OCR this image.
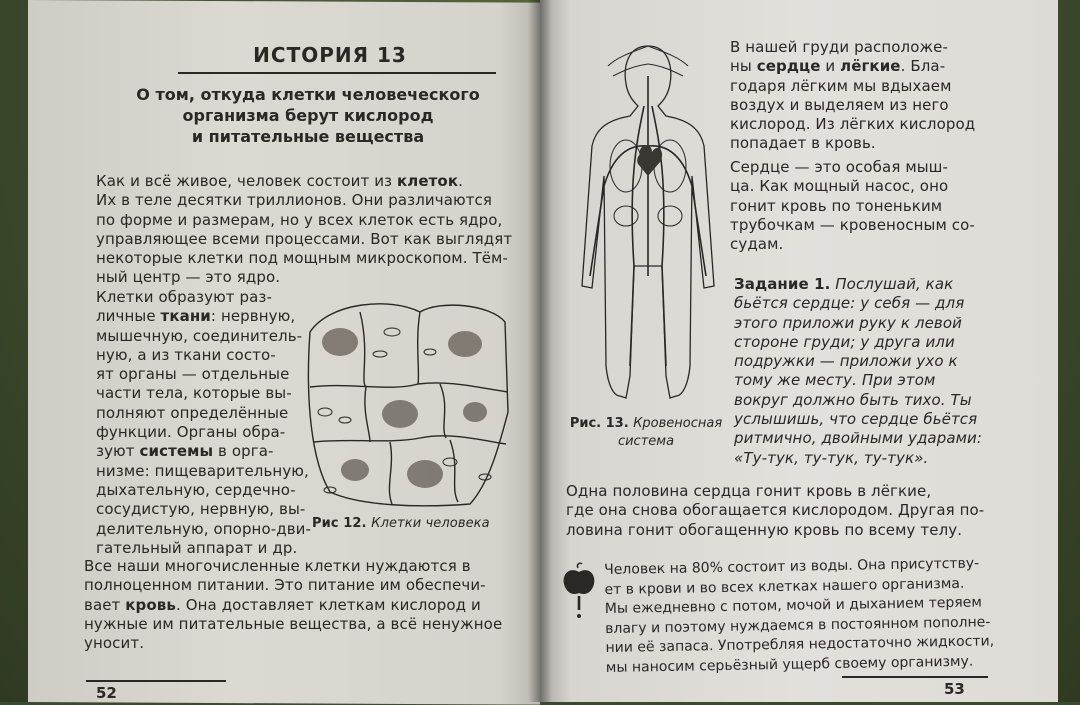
ИСТОРИЯ 13
О том, откуда клетки человеческого
организма берут кислород
и питательные вещества

Как и всё живое, человек состоит из клеток.

Их в теле десятки триллионов. Они различаются

по форме и размерам, но у всех клеток есть ядро,

управляющее всеми процессами. Вот как выглядят

некоторые клетки под мощным микроскопом. Тём-

ный центр — это ядро.

Клетки образуют раз-

личные ткани: нервную,

мышечную, соединитель-

ную, а из ткани состо-

ят органы — отдельные

части тела, которые вы-

полняют определённые

функции. Органы обра-

зуют системы в орга-

низме: пищеварительную,

дыхательную, сердечно-

сосудистую, нервную, вы-

делительную, опорно-дви-

гательный аппарат и др.

Рис 12. Клетки человека

Все наши многочисленные клетки нуждаются в

полноценном питании. Это питание им обеспечи-

вает кровь. Она доставляет клеткам кислород и

нужные им питательные вещества, а всё ненужное

уносит.

52
Рис. 13. Кровеносная
система

В нашей груди расположе-

ны сердце и лёгкие. Бла-

годаря лёгким мы вдыхаем

воздух и выделяем из него

кислород. Из лёгких кислород

попадает в кровь.

Сердце — это особая мыш-

ца. Как мощный насос, оно

гонит кровь по тоненьким

трубочкам — кровеносным со-

судам.

Задание 1. Послушай, как

бьётся сердце: у себя — для

этого приложи руку к левой

стороне груди; у друга или

подружки — приложи ухо к

тому же месту. При этом

вокруг должно быть тихо. Ты

услышишь, что сердце бьётся

ритмично, двойными ударами:

«Ту-тук, ту-тук, ту-тук».

Одна половина сердца гонит кровь в лёгкие,

где она снова обогащается кислородом. Другая по-

ловина гонит обогащенную кровь по всему телу.

Человек на 80% состоит из воды. Она присутству-

ет в крови и во всех клетках нашего организма.

Мы ежедневно с потом, мочой и дыханием теряем

влагу и поэтому нуждаемся в постоянном пополне-

нии её запаса. Употребляя недостаточно жидкости,

мы наносим серьёзный ущерб своему организму.

53
